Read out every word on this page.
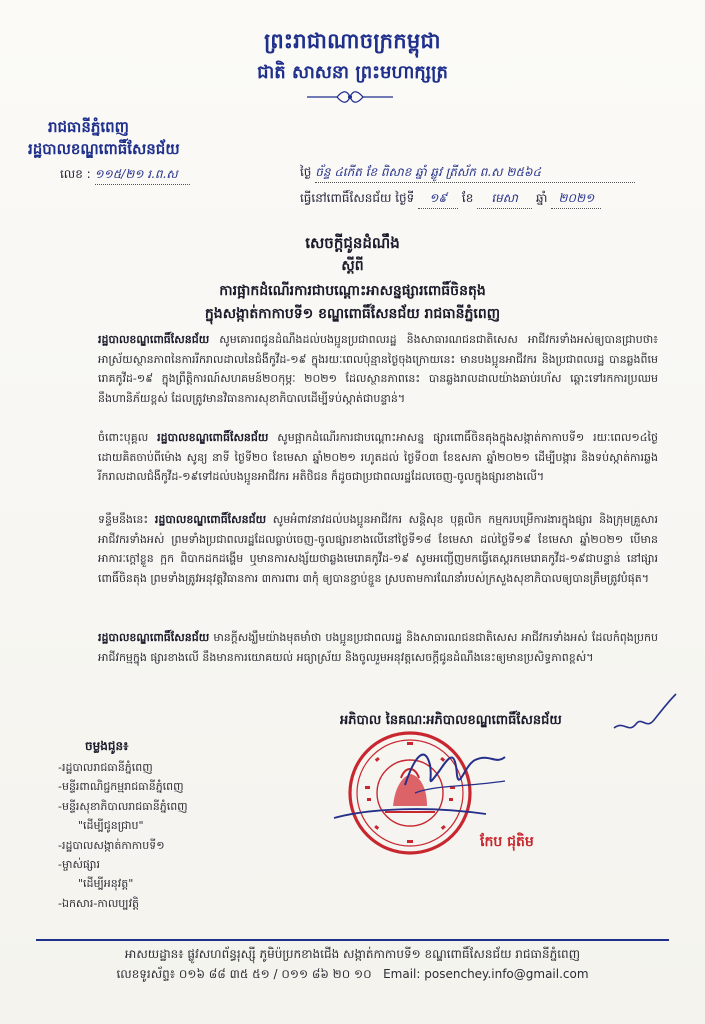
ព្រះរាជាណាចក្រកម្ពុជា
ជាតិ សាសនា ព្រះមហាក្សត្រ
រាជធានីភ្នំពេញ
រដ្ឋបាលខណ្ឌពោធិ៍សែនជ័យ
លេខ : ១១៥/២១ រ.ព.ស	ថ្ងៃ ច័ន្ទ ៤កើត ខែ ពិសាខ ឆ្នាំ ឆ្លូវ ត្រីស័ក ព.ស ២៥៦៤
ធ្វើនៅពោធិ៍សែនជ័យ ថ្ងៃទី ១៩ ខែ មេសា ឆ្នាំ ២០២១
សេចក្តីជូនដំណឹង
ស្តីពី
ការផ្អាកដំណើរការជាបណ្តោះអាសន្នផ្សារពោធិ៍ចិនតុង
ក្នុងសង្កាត់កាកាបទី១ ខណ្ឌពោធិ៍សែនជ័យ រាជធានីភ្នំពេញ

រដ្ឋបាលខណ្ឌពោធិ៍សែនជ័យ សូមគោរពជូនដំណឹងដល់បងប្អូនប្រជាពលរដ្ឋ និងសាធារណជនជាតិសេស អាជីវករទាំងអស់ឲ្យបានជ្រាបថា៖ អាស្រ័យស្ថានភាពនៃការរីករាលដាលនៃជំងឺកូវីដ-១៩ ក្នុងរយៈពេលប៉ុន្មានថ្ងៃចុងក្រោយនេះ មានបងប្អូនអាជីវករ និងប្រជាពលរដ្ឋ បានឆ្លងពីមេរោគកូវីដ-១៩ ក្នុងព្រឹត្តិការណ៍សហគមន៍២០កុម្ភៈ ២០២១ ដែលស្ថានភាពនេះ បានឆ្លងរាលដាលយ៉ាងឆាប់រហ័ស ឆ្ពោះទៅរកការប្រឈមនឹងហានិភ័យខ្ពស់ ដែលត្រូវមានវិធានការសុខាភិបាលដើម្បីទប់ស្កាត់ជាបន្ទាន់។

ចំពោះបុគ្គល រដ្ឋបាលខណ្ឌពោធិ៍សែនជ័យ សូមផ្អាកដំណើរការជាបណ្តោះអាសន្ន ផ្សារពោធិ៍ចិនតុងក្នុងសង្កាត់កាកាបទី១ រយៈពេល១៤ថ្ងៃ ដោយគិតចាប់ពីម៉ោង សូន្យ នាទី ថ្ងៃទី២០ ខែមេសា ឆ្នាំ២០២១ រហូតដល់ ថ្ងៃទី០៣ ខែឧសភា ឆ្នាំ២០២១ ដើម្បីបង្ការ និងទប់ស្កាត់ការឆ្លងរីករាលដាលជំងឺកូវីដ-១៩ទៅដល់បងប្អូនអាជីវករ អតិថិជន ក៏ដូចជាប្រជាពលរដ្ឋដែលចេញ-ចូលក្នុងផ្សារខាងលើ។

ទន្ទឹមនឹងនេះ រដ្ឋបាលខណ្ឌពោធិ៍សែនជ័យ សូមអំពាវនាវដល់បងប្អូនអាជីវករ សន្តិសុខ បុគ្គលិក កម្មករបម្រើការងារក្នុងផ្សារ និងក្រុមគ្រួសារអាជីវករទាំងអស់ ព្រមទាំងប្រជាពលរដ្ឋដែលធ្លាប់ចេញ-ចូលផ្សារខាងលើនៅថ្ងៃទី១៨ ខែមេសា ដល់ថ្ងៃទី១៩ ខែមេសា ឆ្នាំ២០២១ បើមានអាការៈក្តៅខ្លួន ក្អក ពិបាកដកដង្ហើម ឬមានការសង្ស័យថាឆ្លងមេរោគកូវីដ-១៩ សូមអញ្ជើញមកធ្វើតេស្តរកមេរោគកូវីដ-១៩ជាបន្ទាន់ នៅផ្សារពោធិ៍ចិនតុង ព្រមទាំងត្រូវអនុវត្តវិធានការ ៣ការពារ ៣កុំ ឲ្យបានខ្ជាប់ខ្ជួន ស្របតាមការណែនាំរបស់ក្រសួងសុខាភិបាលឲ្យបានត្រឹមត្រូវបំផុត។

រដ្ឋបាលខណ្ឌពោធិ៍សែនជ័យ មានក្តីសង្ឃឹមយ៉ាងមុតមាំថា បងប្អូនប្រជាពលរដ្ឋ និងសាធារណជនជាតិសេស អាជីវករទាំងអស់ ដែលកំពុងប្រកបអាជីវកម្មក្នុង ផ្សារខាងលើ នឹងមានការយោគយល់ អធ្យាស្រ័យ និងចូលរួមអនុវត្តសេចក្តីជូនដំណឹងនេះឲ្យមានប្រសិទ្ធភាពខ្ពស់។

អភិបាល នៃគណៈអភិបាលខណ្ឌពោធិ៍សែនជ័យ
កែប ជុតិម
ចម្លងជូន៖
-រដ្ឋបាលរាជធានីភ្នំពេញ
-មន្ទីរពាណិជ្ជកម្មរាជធានីភ្នំពេញ
-មន្ទីរសុខាភិបាលរាជធានីភ្នំពេញ
"ដើម្បីជូនជ្រាប"
-រដ្ឋបាលសង្កាត់កាកាបទី១
-ម្ចាស់ផ្សារ
"ដើម្បីអនុវត្ត"
-ឯកសារ-កាលប្បវត្តិ
អាសយដ្ឋាន៖ ផ្លូវសហព័ន្ធរុស្ស៊ី ភូមិប៉ប្រកខាងជើង សង្កាត់កាកាបទី១ ខណ្ឌពោធិ៍សែនជ័យ រាជធានីភ្នំពេញ
លេខទូរស័ព្ទ៖ ០១៦ ៨៨ ៣៥ ៥១ / ០១១ ៨៦ ២០ ១០ Email: posenchey.info@gmail.com
